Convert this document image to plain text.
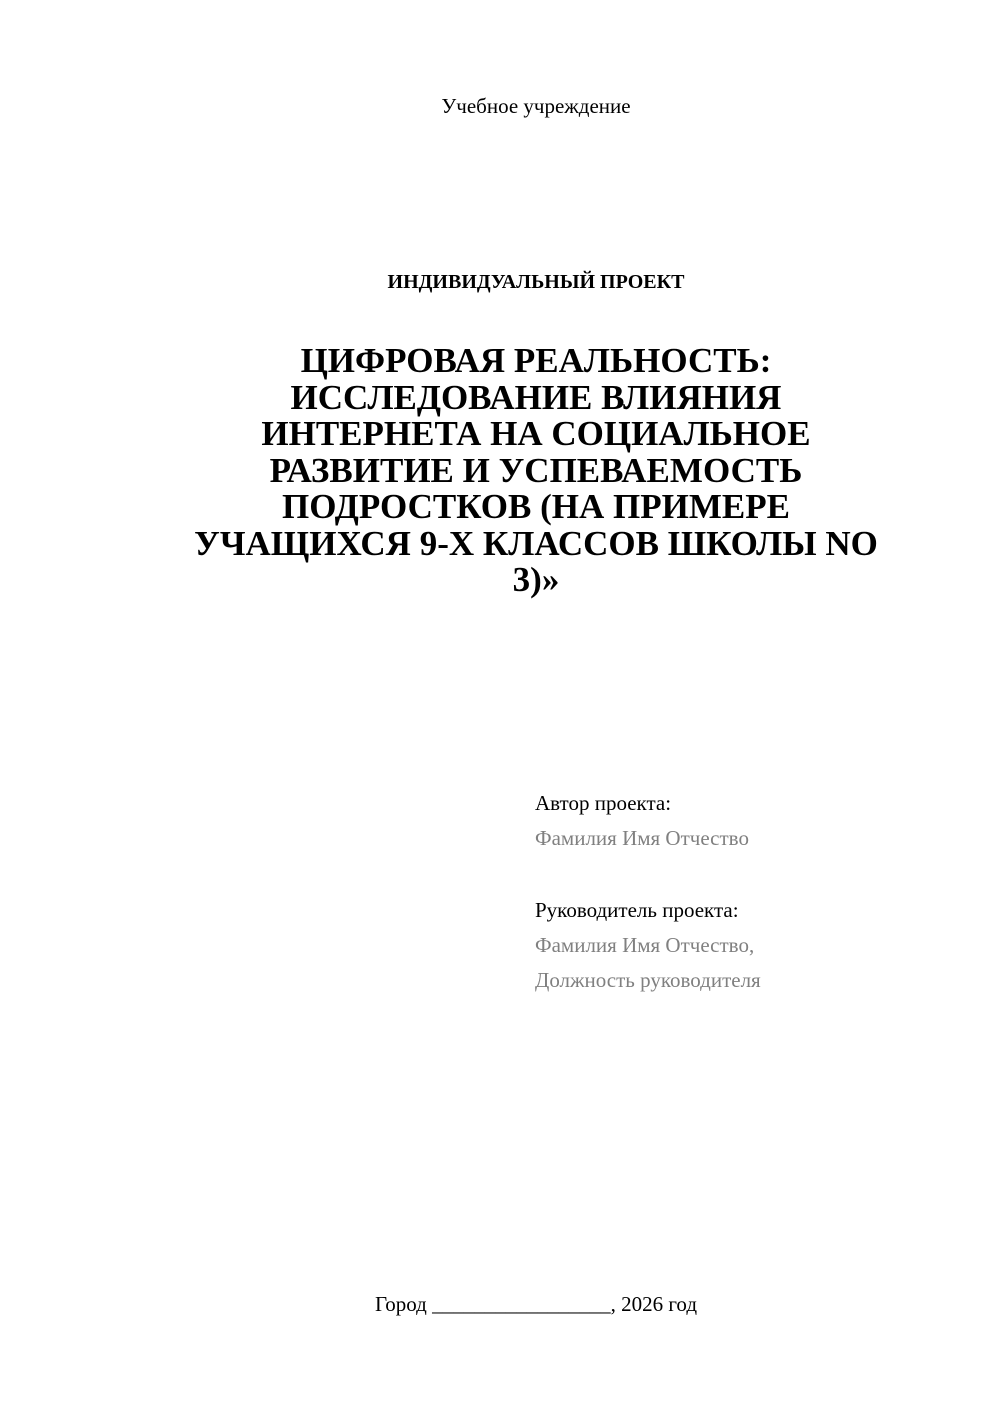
Учебное учреждение
ИНДИВИДУАЛЬНЫЙ ПРОЕКТ
ЦИФРОВАЯ РЕАЛЬНОСТЬ:
ИССЛЕДОВАНИЕ ВЛИЯНИЯ
ИНТЕРНЕТА НА СОЦИАЛЬНОЕ
РАЗВИТИЕ И УСПЕВАЕМОСТЬ
ПОДРОСТКОВ (НА ПРИМЕРЕ
УЧАЩИХСЯ 9-Х КЛАССОВ ШКОЛЫ NO
3)»
Автор проекта:
Фамилия Имя Отчество
Руководитель проекта:
Фамилия Имя Отчество,
Должность руководителя
Город _________________, 2026 год
